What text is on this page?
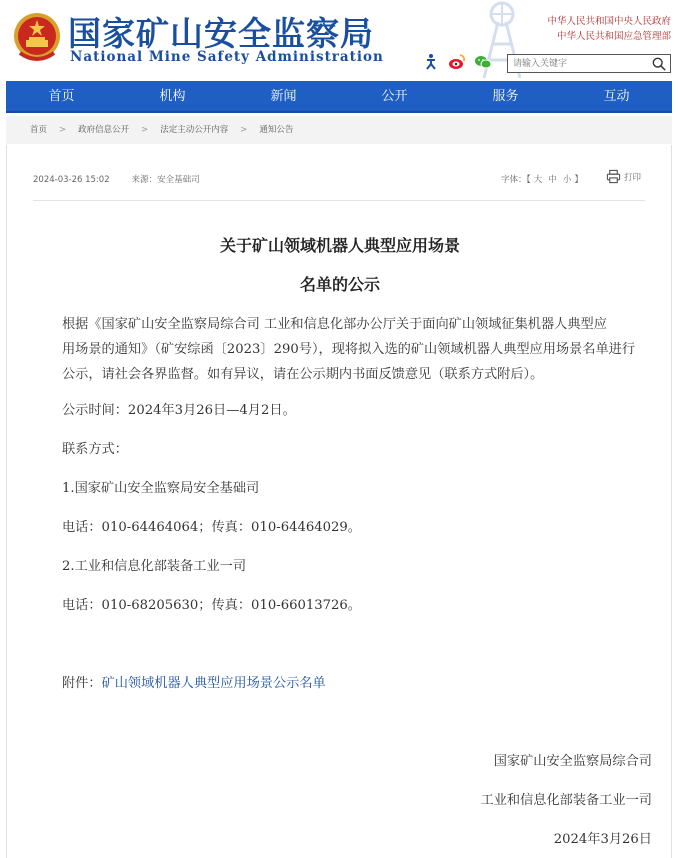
国家矿山安全监察局
National Mine Safety Administration
中华人民共和国中央人民政府
中华人民共和国应急管理部
请输入关键字
首页	机构	新闻	公开	服务	互动
首页 > 政府信息公开 > 法定主动公开内容 > 通知公告
2024-03-26 15:02	来源：安全基础司	字体：【 大 中 小 】	打印
关于矿山领域机器人典型应用场景
名单的公示
根据《国家矿山安全监察局综合司 工业和信息化部办公厅关于面向矿山领域征集机器人典型应
用场景的通知》（矿安综函〔2023〕290号），现将拟入选的矿山领域机器人典型应用场景名单进行
公示，请社会各界监督。如有异议，请在公示期内书面反馈意见（联系方式附后）。
公示时间：2024年3月26日—4月2日。
联系方式：
1.国家矿山安全监察局安全基础司
电话：010-64464064；传真：010-64464029。
2.工业和信息化部装备工业一司
电话：010-68205630；传真：010-66013726。
附件：矿山领域机器人典型应用场景公示名单
国家矿山安全监察局综合司
工业和信息化部装备工业一司
2024年3月26日
